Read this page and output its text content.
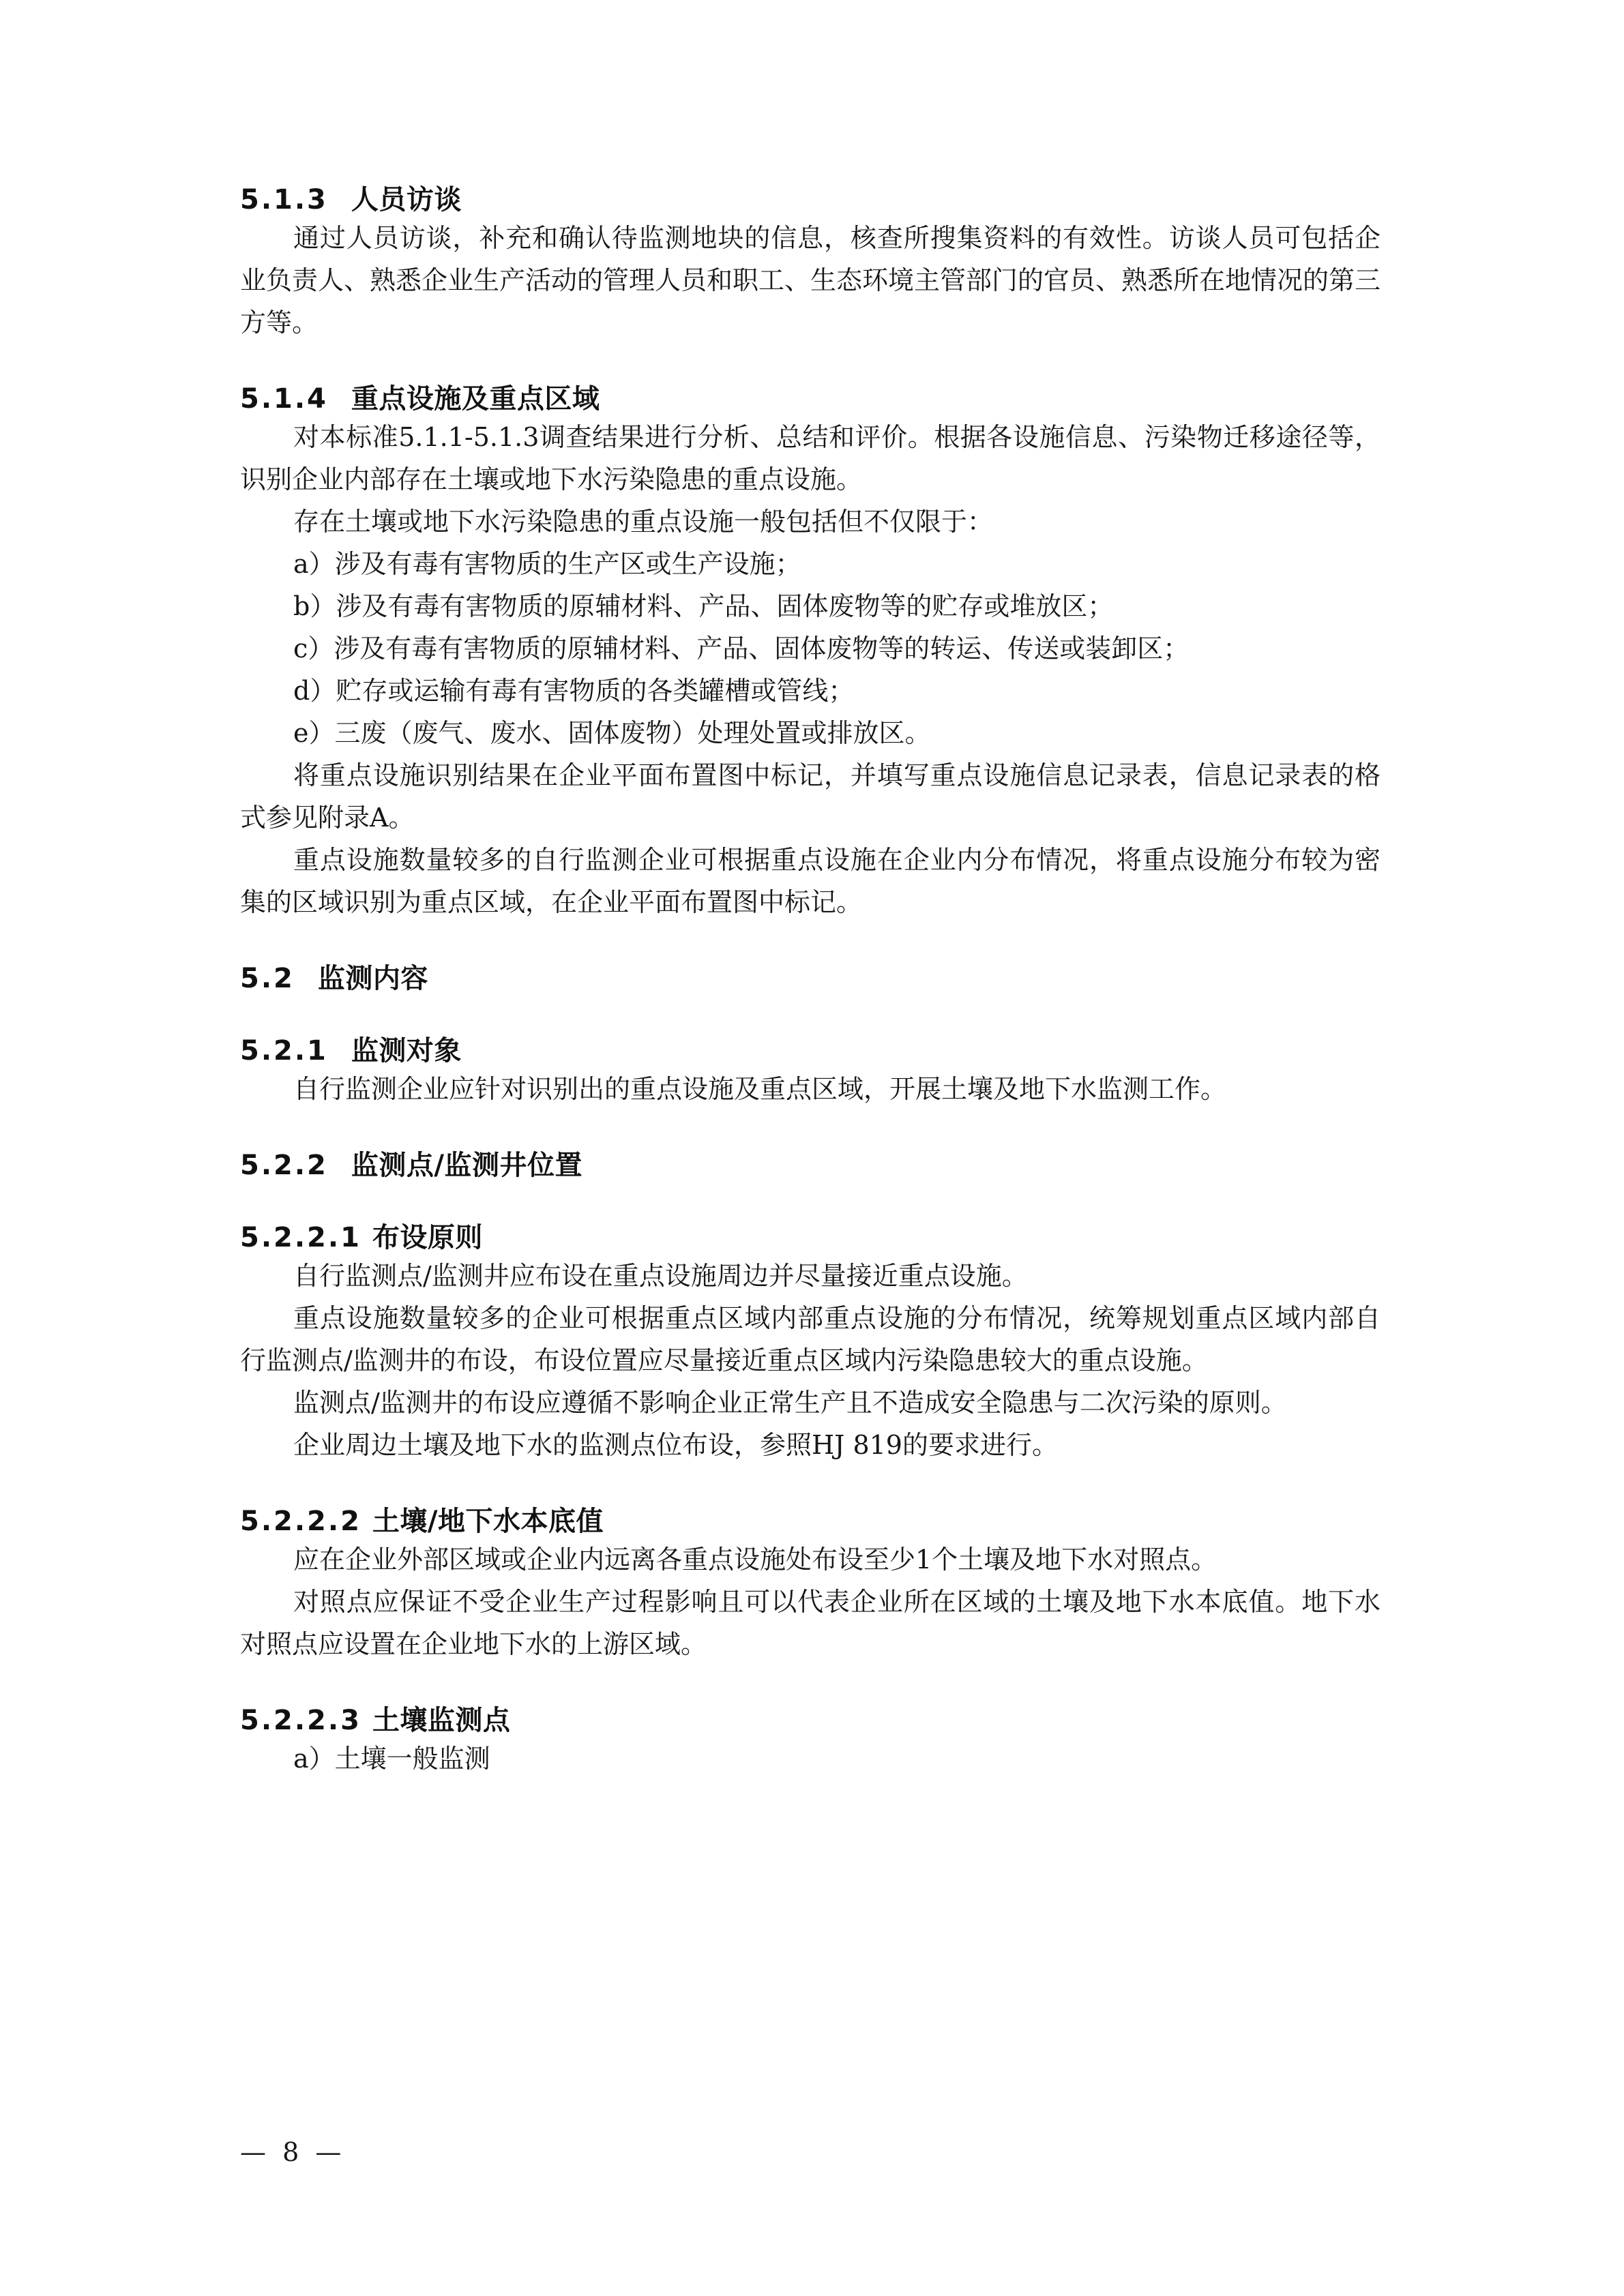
5.1.3 人员访谈

通过人员访谈，补充和确认待监测地块的信息，核查所搜集资料的有效性。访谈人员可包括企业负责人、熟悉企业生产活动的管理人员和职工、生态环境主管部门的官员、熟悉所在地情况的第三方等。

5.1.4 重点设施及重点区域

对本标准5.1.1-5.1.3调查结果进行分析、总结和评价。根据各设施信息、污染物迁移途径等，识别企业内部存在土壤或地下水污染隐患的重点设施。

存在土壤或地下水污染隐患的重点设施一般包括但不仅限于：

a）涉及有毒有害物质的生产区或生产设施；

b）涉及有毒有害物质的原辅材料、产品、固体废物等的贮存或堆放区；

c）涉及有毒有害物质的原辅材料、产品、固体废物等的转运、传送或装卸区；

d）贮存或运输有毒有害物质的各类罐槽或管线；

e）三废（废气、废水、固体废物）处理处置或排放区。

将重点设施识别结果在企业平面布置图中标记，并填写重点设施信息记录表，信息记录表的格式参见附录A。

重点设施数量较多的自行监测企业可根据重点设施在企业内分布情况，将重点设施分布较为密集的区域识别为重点区域，在企业平面布置图中标记。

5.2 监测内容
5.2.1 监测对象

自行监测企业应针对识别出的重点设施及重点区域，开展土壤及地下水监测工作。

5.2.2 监测点/监测井位置
5.2.2.1 布设原则

自行监测点/监测井应布设在重点设施周边并尽量接近重点设施。

重点设施数量较多的企业可根据重点区域内部重点设施的分布情况，统筹规划重点区域内部自行监测点/监测井的布设，布设位置应尽量接近重点区域内污染隐患较大的重点设施。

监测点/监测井的布设应遵循不影响企业正常生产且不造成安全隐患与二次污染的原则。

企业周边土壤及地下水的监测点位布设，参照HJ 819的要求进行。

5.2.2.2 土壤/地下水本底值

应在企业外部区域或企业内远离各重点设施处布设至少1个土壤及地下水对照点。

对照点应保证不受企业生产过程影响且可以代表企业所在区域的土壤及地下水本底值。地下水对照点应设置在企业地下水的上游区域。

5.2.2.3 土壤监测点

a）土壤一般监测

— 8 —
